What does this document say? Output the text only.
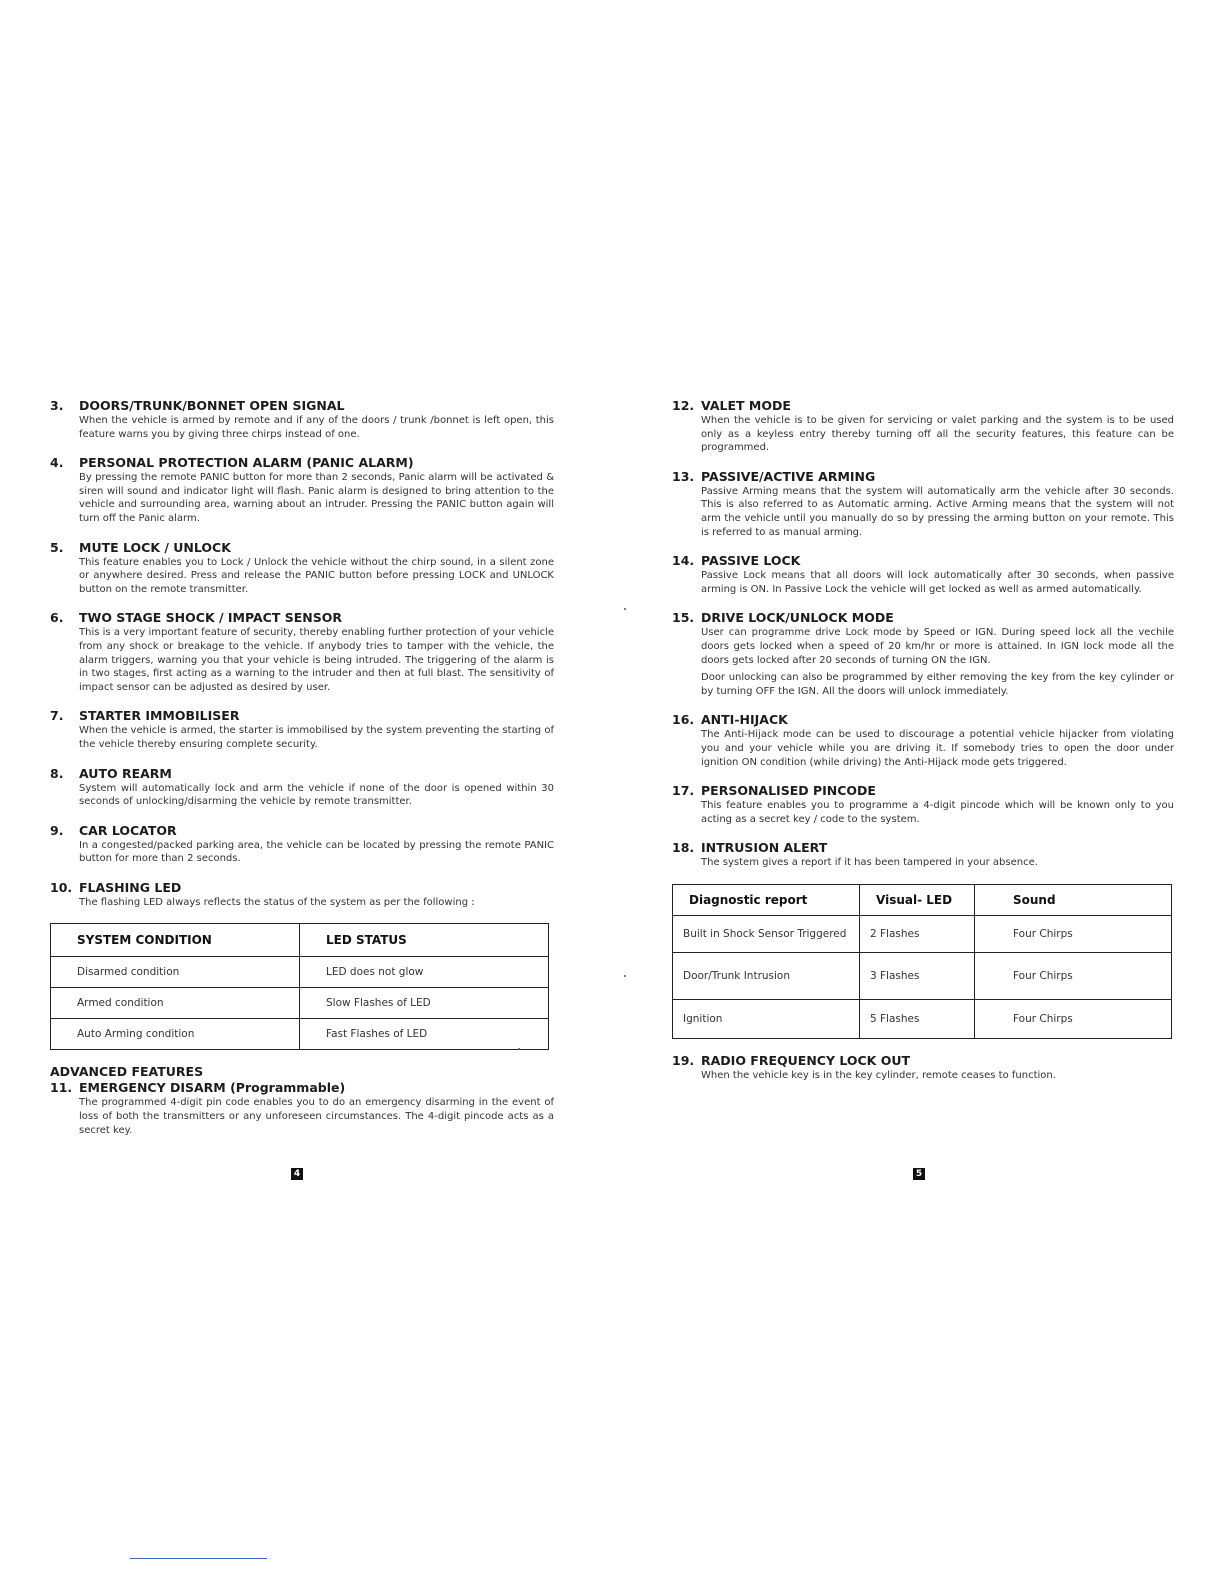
3.	DOORS/TRUNK/BONNET OPEN SIGNAL

When the vehicle is armed by remote and if any of the doors / trunk /bonnet is left open, this feature warns you by giving three chirps instead of one.

4.	PERSONAL PROTECTION ALARM (PANIC ALARM)

By pressing the remote PANIC button for more than 2 seconds, Panic alarm will be activated & siren will sound and indicator light will flash. Panic alarm is designed to bring attention to the vehicle and surrounding area, warning about an intruder. Pressing the PANIC button again will turn off the Panic alarm.

5.	MUTE LOCK / UNLOCK

This feature enables you to Lock / Unlock the vehicle without the chirp sound, in a silent zone or anywhere desired. Press and release the PANIC button before pressing LOCK and UNLOCK button on the remote transmitter.

6.	TWO STAGE SHOCK / IMPACT SENSOR

This is a very important feature of security, thereby enabling further protection of your vehicle from any shock or breakage to the vehicle. If anybody tries to tamper with the vehicle, the alarm triggers, warning you that your vehicle is being intruded. The triggering of the alarm is in two stages, first acting as a warning to the intruder and then at full blast. The sensitivity of impact sensor can be adjusted as desired by user.

7.	STARTER IMMOBILISER

When the vehicle is armed, the starter is immobilised by the system preventing the starting of the vehicle thereby ensuring complete security.

8.	AUTO REARM

System will automatically lock and arm the vehicle if none of the door is opened within 30 seconds of unlocking/disarming the vehicle by remote transmitter.

9.	CAR LOCATOR

In a congested/packed parking area, the vehicle can be located by pressing the remote PANIC button for more than 2 seconds.

10. FLASHING LED

The flashing LED always reflects the status of the system as per the following :

SYSTEM CONDITION	LED STATUS
Disarmed condition	LED does not glow
Armed condition	Slow Flashes of LED
Auto Arming condition	Fast Flashes of LED
ADVANCED FEATURES
11. EMERGENCY DISARM (Programmable)

The programmed 4-digit pin code enables you to do an emergency disarming in the event of loss of both the transmitters or any unforeseen circumstances. The 4-digit pincode acts as a secret key.

4
12. VALET MODE

When the vehicle is to be given for servicing or valet parking and the system is to be used only as a keyless entry thereby turning off all the security features, this feature can be programmed.

13. PASSIVE/ACTIVE ARMING

Passive Arming means that the system will automatically arm the vehicle after 30 seconds. This is also referred to as Automatic arming. Active Arming means that the system will not arm the vehicle until you manually do so by pressing the arming button on your remote. This is referred to as manual arming.

14. PASSIVE LOCK

Passive Lock means that all doors will lock automatically after 30 seconds, when passive arming is ON. In Passive Lock the vehicle will get locked as well as armed automatically.

15. DRIVE LOCK/UNLOCK MODE

User can programme drive Lock mode by Speed or IGN. During speed lock all the vechile doors gets locked when a speed of 20 km/hr or more is attained. In IGN lock mode all the doors gets locked after 20 seconds of turning ON the IGN.

Door unlocking can also be programmed by either removing the key from the key cylinder or by turning OFF the IGN. All the doors will unlock immediately.

16. ANTI-HIJACK

The Anti-Hijack mode can be used to discourage a potential vehicle hijacker from violating you and your vehicle while you are driving it. If somebody tries to open the door under ignition ON condition (while driving) the Anti-Hijack mode gets triggered.

17. PERSONALISED PINCODE

This feature enables you to programme a 4-digit pincode which will be known only to you acting as a secret key / code to the system.

18. INTRUSION ALERT

The system gives a report if it has been tampered in your absence.

Diagnostic report	Visual- LED	Sound
Built in Shock Sensor Triggered	2 Flashes	Four Chirps
Door/Trunk Intrusion	3 Flashes	Four Chirps
Ignition	5 Flashes	Four Chirps
19. RADIO FREQUENCY LOCK OUT

When the vehicle key is in the key cylinder, remote ceases to function.

5
